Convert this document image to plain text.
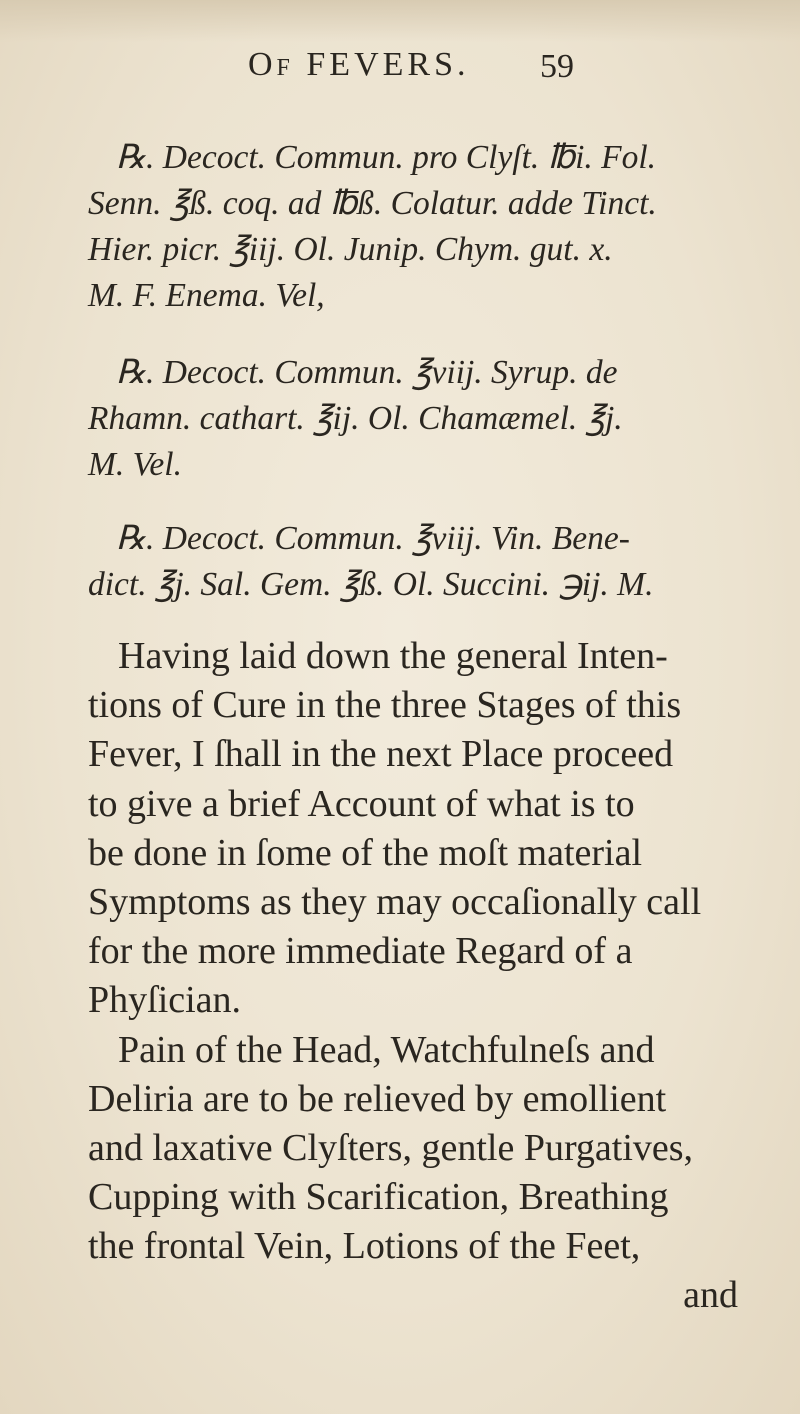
Of FEVERS. 59
℞. Decoct. Commun. pro Clyſt. ℔i. Fol.
Senn. ℥ß. coq. ad ℔ß. Colatur. adde Tinct.
Hier. picr. ℥iij. Ol. Junip. Chym. gut. x.
M. F. Enema. Vel,
℞. Decoct. Commun. ℥viij. Syrup. de
Rhamn. cathart. ℥ij. Ol. Chamæmel. ℥j.
M. Vel.
℞. Decoct. Commun. ℥viij. Vin. Bene-
dict. ℥j. Sal. Gem. ℥ß. Ol. Succini. ℈ij. M.
Having laid down the general Inten-
tions of Cure in the three Stages of this
Fever, I ſhall in the next Place proceed
to give a brief Account of what is to
be done in ſome of the moſt material
Symptoms as they may occaſionally call
for the more immediate Regard of a
Phyſician.
Pain of the Head, Watchfulneſs and
Deliria are to be relieved by emollient
and laxative Clyſters, gentle Purgatives,
Cupping with Scarification, Breathing
the frontal Vein, Lotions of the Feet,
and
